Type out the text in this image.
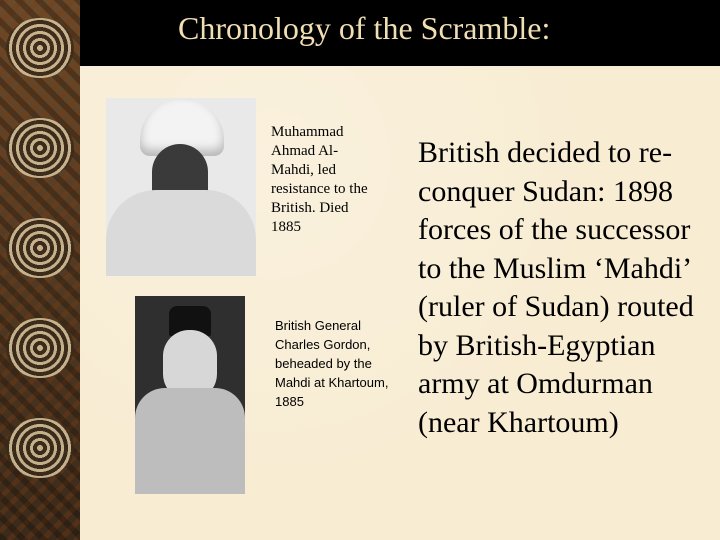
Chronology of the Scramble:
Muhammad Ahmad Al-Mahdi, led resistance to the British. Died 1885
British General Charles Gordon, beheaded by the Mahdi at Khartoum, 1885
British decided to re-conquer Sudan: 1898 forces of the successor to the Muslim ‘Mahdi’ (ruler of Sudan) routed by British-Egyptian army at Omdurman (near Khartoum)
